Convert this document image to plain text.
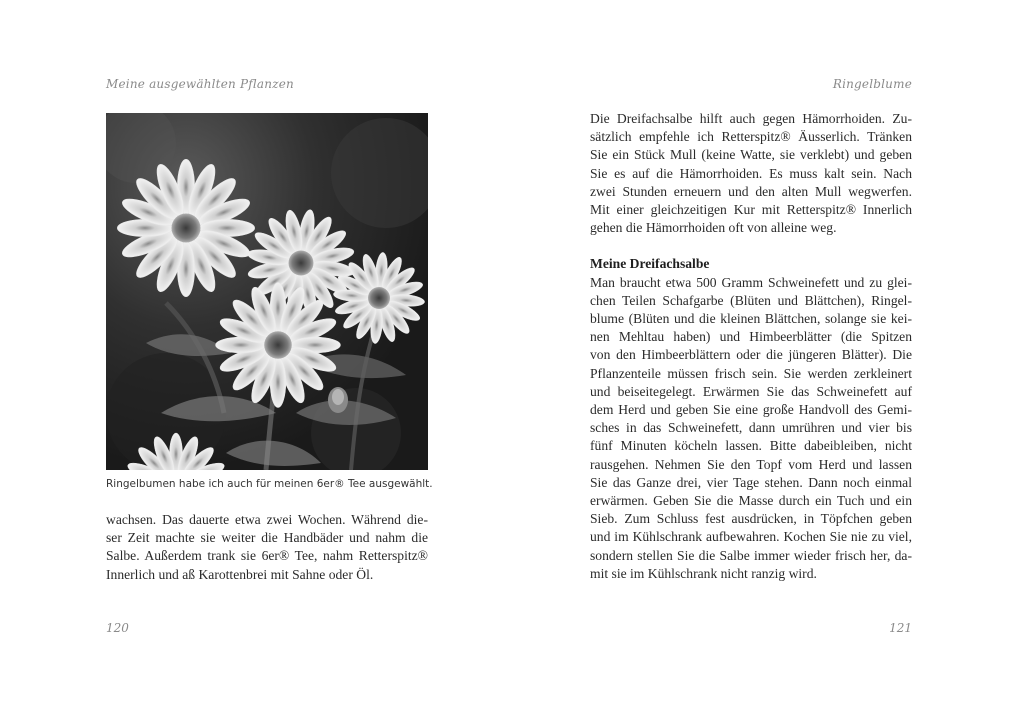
Meine ausgewählten Pflanzen
Ringelbumen habe ich auch für meinen 6er® Tee ausgewählt.
wachsen. Das dauerte etwa zwei Wochen. Während die-
ser Zeit machte sie weiter die Handbäder und nahm die
Salbe. Außerdem trank sie 6er® Tee, nahm Retterspitz®
Innerlich und aß Karottenbrei mit Sahne oder Öl.
120
Ringelblume
Die Dreifachsalbe hilft auch gegen Hämorrhoiden. Zu-
sätzlich empfehle ich Retterspitz® Äusserlich. Tränken
Sie ein Stück Mull (keine Watte, sie verklebt) und geben
Sie es auf die Hämorrhoiden. Es muss kalt sein. Nach
zwei Stunden erneuern und den alten Mull wegwerfen.
Mit einer gleichzeitigen Kur mit Retterspitz® Innerlich
gehen die Hämorrhoiden oft von alleine weg.
Meine Dreifachsalbe
Man braucht etwa 500 Gramm Schweinefett und zu glei-
chen Teilen Schafgarbe (Blüten und Blättchen), Ringel-
blume (Blüten und die kleinen Blättchen, solange sie kei-
nen Mehltau haben) und Himbeerblätter (die Spitzen
von den Himbeerblättern oder die jüngeren Blätter). Die
Pflanzenteile müssen frisch sein. Sie werden zerkleinert
und beiseitegelegt. Erwärmen Sie das Schweinefett auf
dem Herd und geben Sie eine große Handvoll des Gemi-
sches in das Schweinefett, dann umrühren und vier bis
fünf Minuten köcheln lassen. Bitte dabeibleiben, nicht
rausgehen. Nehmen Sie den Topf vom Herd und lassen
Sie das Ganze drei, vier Tage stehen. Dann noch einmal
erwärmen. Geben Sie die Masse durch ein Tuch und ein
Sieb. Zum Schluss fest ausdrücken, in Töpfchen geben
und im Kühlschrank aufbewahren. Kochen Sie nie zu viel,
sondern stellen Sie die Salbe immer wieder frisch her, da-
mit sie im Kühlschrank nicht ranzig wird.
121
